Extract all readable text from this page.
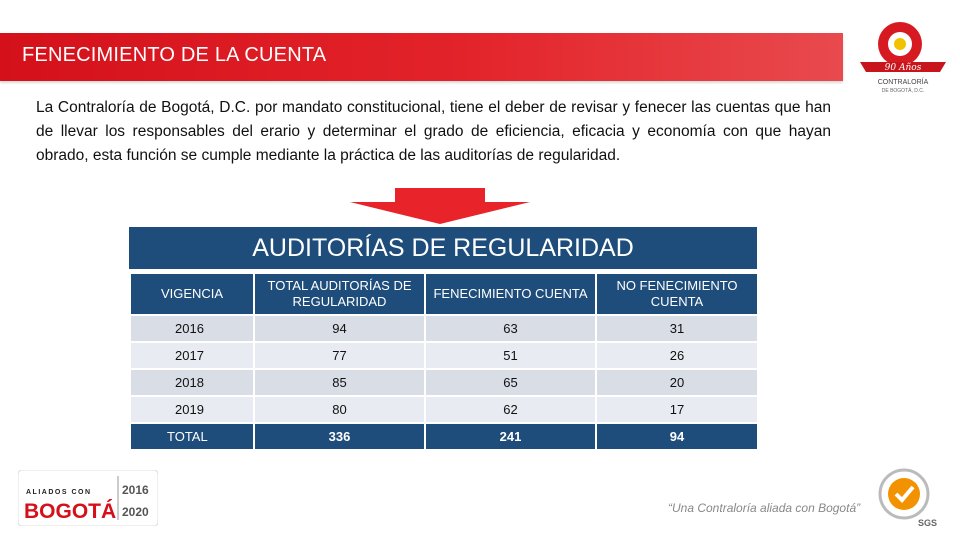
FENECIMIENTO DE LA CUENTA
90 Años
CONTRALORÍA
DE BOGOTÁ, D.C.
La Contraloría de Bogotá, D.C. por mandato constitucional, tiene el deber de revisar y fenecer las cuentas que han de llevar los responsables del erario y determinar el grado de eficiencia, eficacia y economía con que hayan obrado, esta función se cumple mediante la práctica de las auditorías de regularidad.
AUDITORÍAS DE REGULARIDAD
VIGENCIA	TOTAL AUDITORÍAS DE REGULARIDAD	FENECIMIENTO CUENTA	NO FENECIMIENTO CUENTA
2016	94	63	31
2017	77	51	26
2018	85	65	20
2019	80	62	17
TOTAL	336	241	94
ALIADOS CON
BOGOTÁ
2016
2020	“Una Contraloría aliada con Bogotá”
SGS
